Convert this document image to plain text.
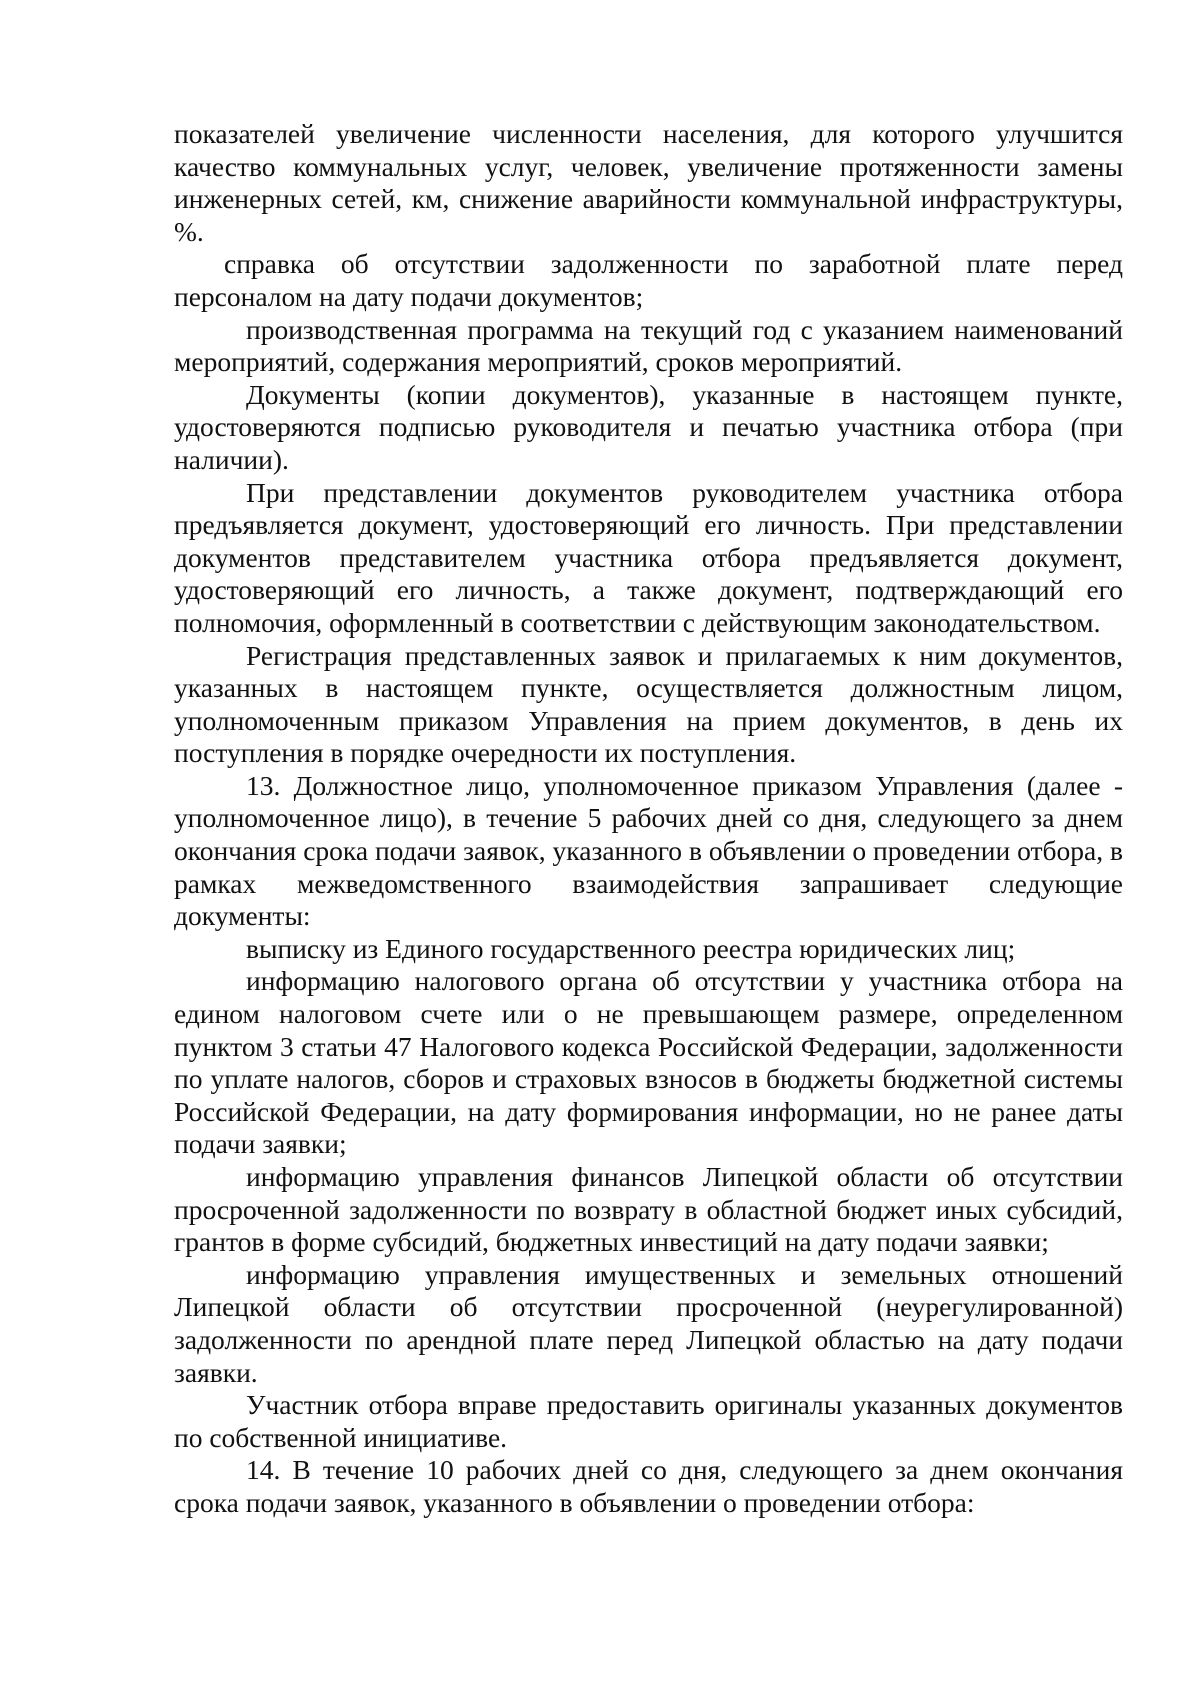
показателей увеличение численности населения, для которого улучшится качество коммунальных услуг, человек, увеличение протяженности замены инженерных сетей, км, снижение аварийности коммунальной инфраструктуры, %.

справка об отсутствии задолженности по заработной плате перед персоналом на дату подачи документов;

производственная программа на текущий год с указанием наименований мероприятий, содержания мероприятий, сроков мероприятий.

Документы (копии документов), указанные в настоящем пункте, удостоверяются подписью руководителя и печатью участника отбора (при наличии).

При представлении документов руководителем участника отбора предъявляется документ, удостоверяющий его личность. При представлении документов представителем участника отбора предъявляется документ, удостоверяющий его личность, а также документ, подтверждающий его полномочия, оформленный в соответствии с действующим законодательством.

Регистрация представленных заявок и прилагаемых к ним документов, указанных в настоящем пункте, осуществляется должностным лицом, уполномоченным приказом Управления на прием документов, в день их поступления в порядке очередности их поступления.

13. Должностное лицо, уполномоченное приказом Управления (далее - уполномоченное лицо), в течение 5 рабочих дней со дня, следующего за днем окончания срока подачи заявок, указанного в объявлении о проведении отбора, в рамках межведомственного взаимодействия запрашивает следующие документы:

выписку из Единого государственного реестра юридических лиц;

информацию налогового органа об отсутствии у участника отбора на едином налоговом счете или о не превышающем размере, определенном пунктом 3 статьи 47 Налогового кодекса Российской Федерации, задолженности по уплате налогов, сборов и страховых взносов в бюджеты бюджетной системы Российской Федерации, на дату формирования информации, но не ранее даты подачи заявки;

информацию управления финансов Липецкой области об отсутствии просроченной задолженности по возврату в областной бюджет иных субсидий, грантов в форме субсидий, бюджетных инвестиций на дату подачи заявки;

информацию управления имущественных и земельных отношений Липецкой области об отсутствии просроченной (неурегулированной) задолженности по арендной плате перед Липецкой областью на дату подачи заявки.

Участник отбора вправе предоставить оригиналы указанных документов по собственной инициативе.

14. В течение 10 рабочих дней со дня, следующего за днем окончания срока подачи заявок, указанного в объявлении о проведении отбора:
